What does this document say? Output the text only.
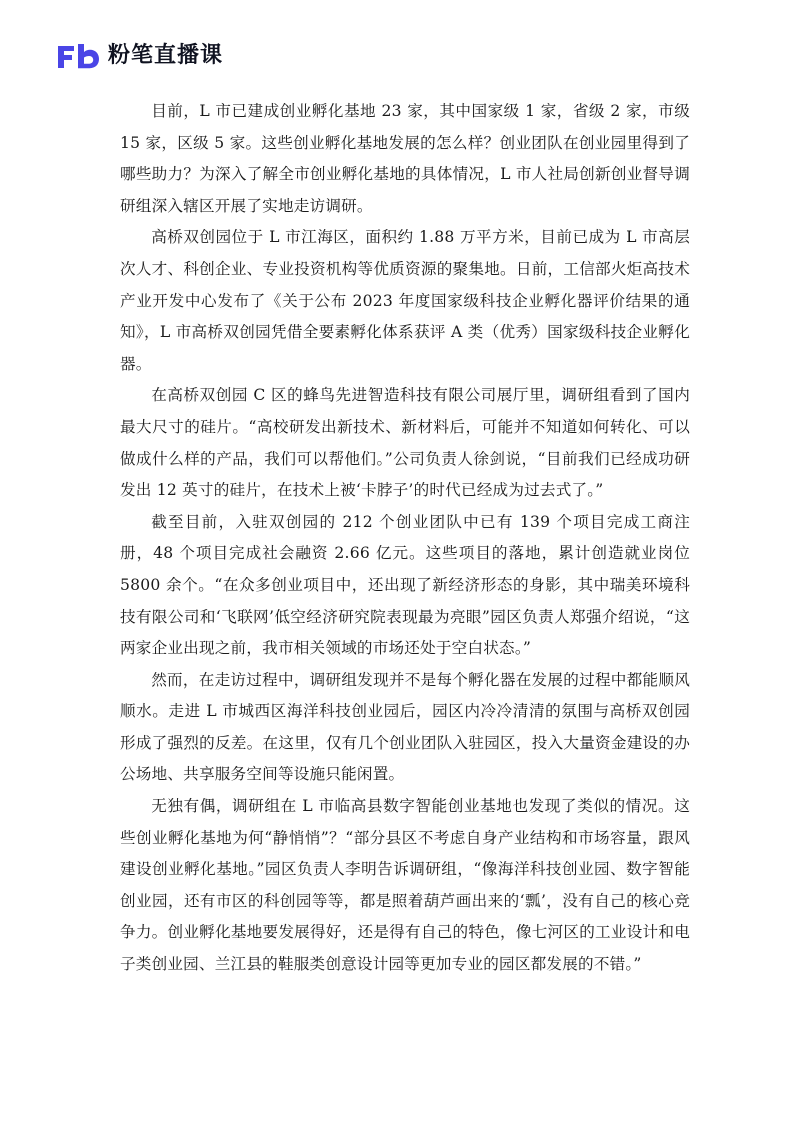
粉笔直播课

目前，L 市已建成创业孵化基地 23 家，其中国家级 1 家，省级 2 家，市级 15 家，区级 5 家。这些创业孵化基地发展的怎么样？创业团队在创业园里得到了哪些助力？为深入了解全市创业孵化基地的具体情况，L 市人社局创新创业督导调研组深入辖区开展了实地走访调研。

高桥双创园位于 L 市江海区，面积约 1.88 万平方米，目前已成为 L 市高层次人才、科创企业、专业投资机构等优质资源的聚集地。日前，工信部火炬高技术产业开发中心发布了《关于公布 2023 年度国家级科技企业孵化器评价结果的通知》，L 市高桥双创园凭借全要素孵化体系获评 A 类（优秀）国家级科技企业孵化器。

在高桥双创园 C 区的蜂鸟先进智造科技有限公司展厅里，调研组看到了国内最大尺寸的硅片。“高校研发出新技术、新材料后，可能并不知道如何转化、可以做成什么样的产品，我们可以帮他们。”公司负责人徐剑说，“目前我们已经成功研发出 12 英寸的硅片，在技术上被‘卡脖子’的时代已经成为过去式了。”

截至目前，入驻双创园的 212 个创业团队中已有 139 个项目完成工商注册，48 个项目完成社会融资 2.66 亿元。这些项目的落地，累计创造就业岗位 5800 余个。“在众多创业项目中，还出现了新经济形态的身影，其中瑞美环境科技有限公司和‘飞联网’低空经济研究院表现最为亮眼”园区负责人郑强介绍说，“这两家企业出现之前，我市相关领域的市场还处于空白状态。”

然而，在走访过程中，调研组发现并不是每个孵化器在发展的过程中都能顺风顺水。走进 L 市城西区海洋科技创业园后，园区内冷冷清清的氛围与高桥双创园形成了强烈的反差。在这里，仅有几个创业团队入驻园区，投入大量资金建设的办公场地、共享服务空间等设施只能闲置。

无独有偶，调研组在 L 市临高县数字智能创业基地也发现了类似的情况。这些创业孵化基地为何“静悄悄”？“部分县区不考虑自身产业结构和市场容量，跟风建设创业孵化基地。”园区负责人李明告诉调研组，“像海洋科技创业园、数字智能创业园，还有市区的科创园等等，都是照着葫芦画出来的‘瓢’，没有自己的核心竞争力。创业孵化基地要发展得好，还是得有自己的特色，像七河区的工业设计和电子类创业园、兰江县的鞋服类创意设计园等更加专业的园区都发展的不错。”
